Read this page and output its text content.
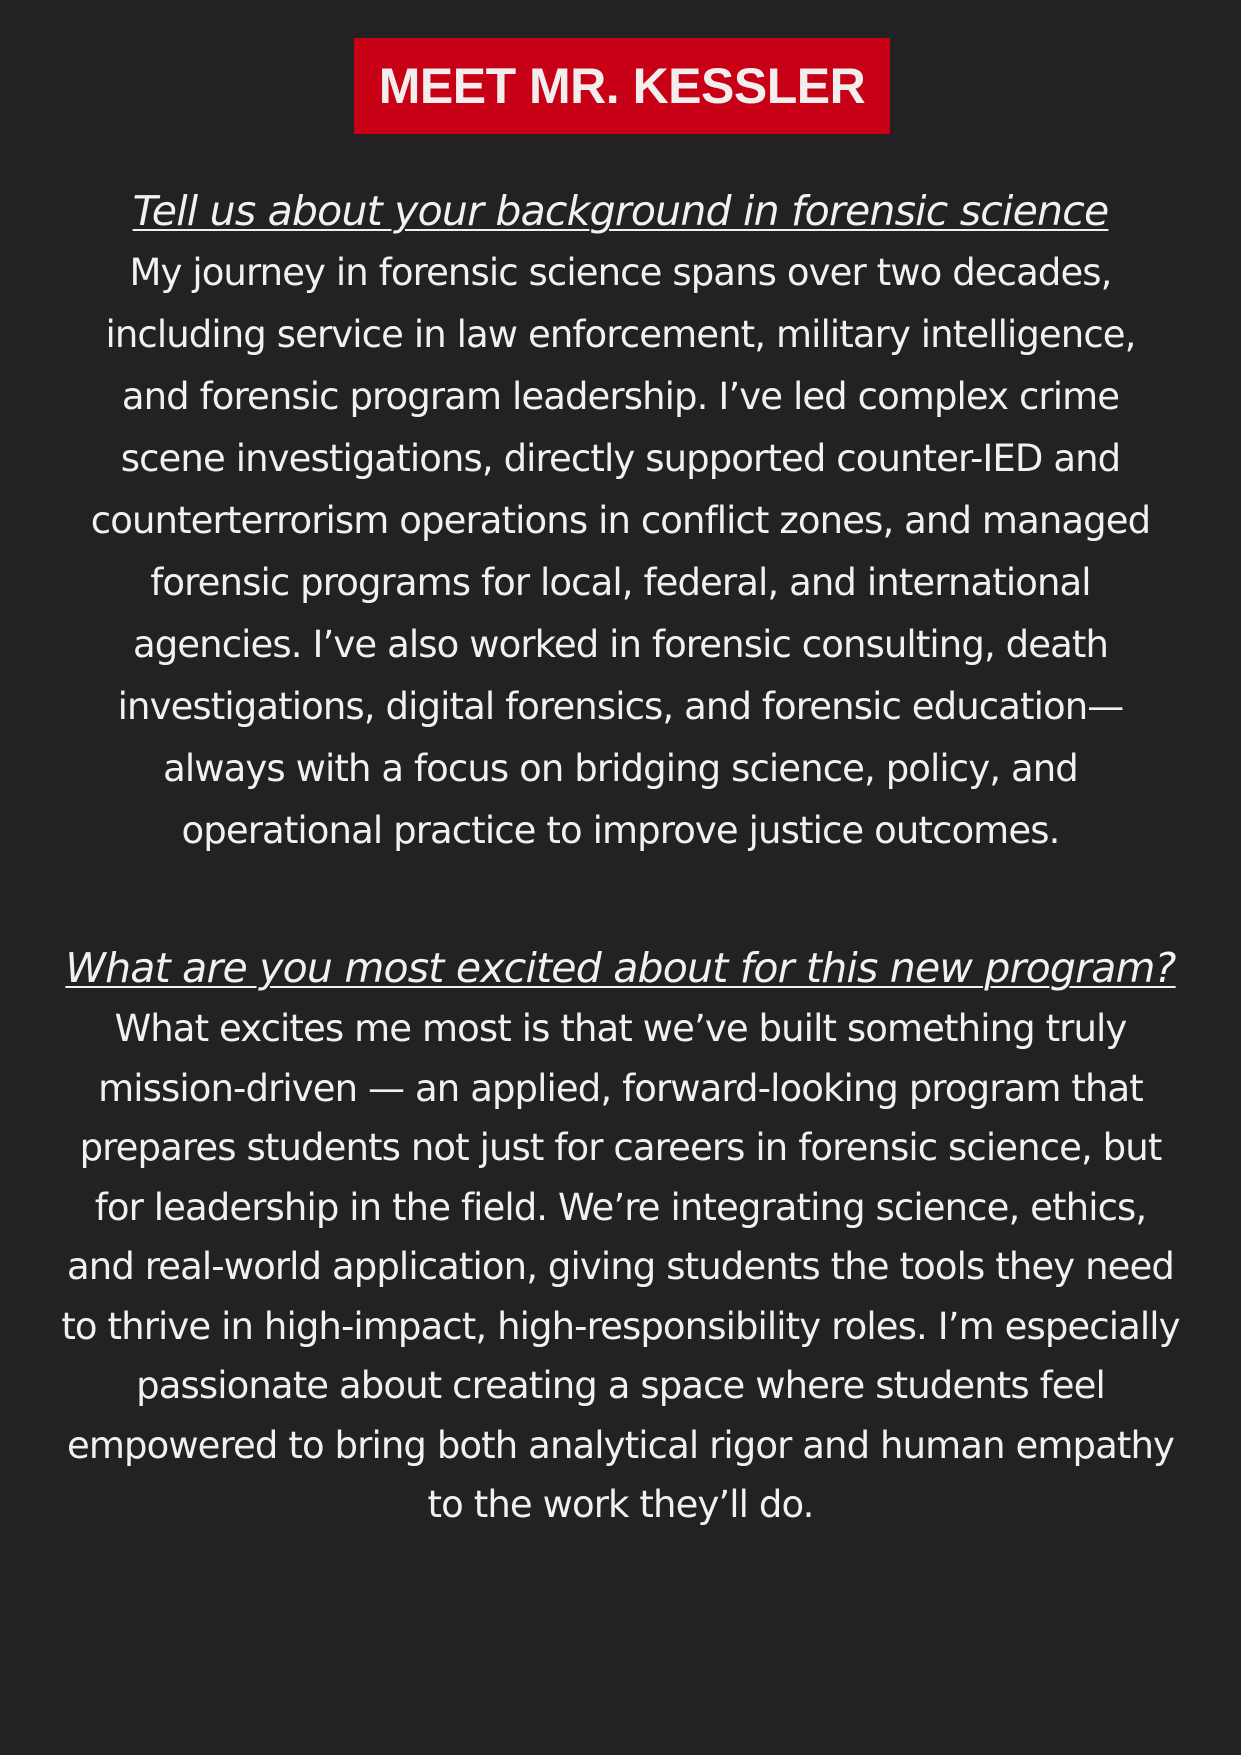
MEET MR. KESSLER
Tell us about your background in forensic science

My journey in forensic science spans over two decades,
including service in law enforcement, military intelligence,
and forensic program leadership. I’ve led complex crime
scene investigations, directly supported counter-IED and
counterterrorism operations in conflict zones, and managed
forensic programs for local, federal, and international
agencies. I’ve also worked in forensic consulting, death
investigations, digital forensics, and forensic education—
always with a focus on bridging science, policy, and
operational practice to improve justice outcomes.

What are you most excited about for this new program?

What excites me most is that we’ve built something truly
mission-driven — an applied, forward-looking program that
prepares students not just for careers in forensic science, but
for leadership in the field. We’re integrating science, ethics,
and real-world application, giving students the tools they need
to thrive in high-impact, high-responsibility roles. I’m especially
passionate about creating a space where students feel
empowered to bring both analytical rigor and human empathy
to the work they’ll do.
